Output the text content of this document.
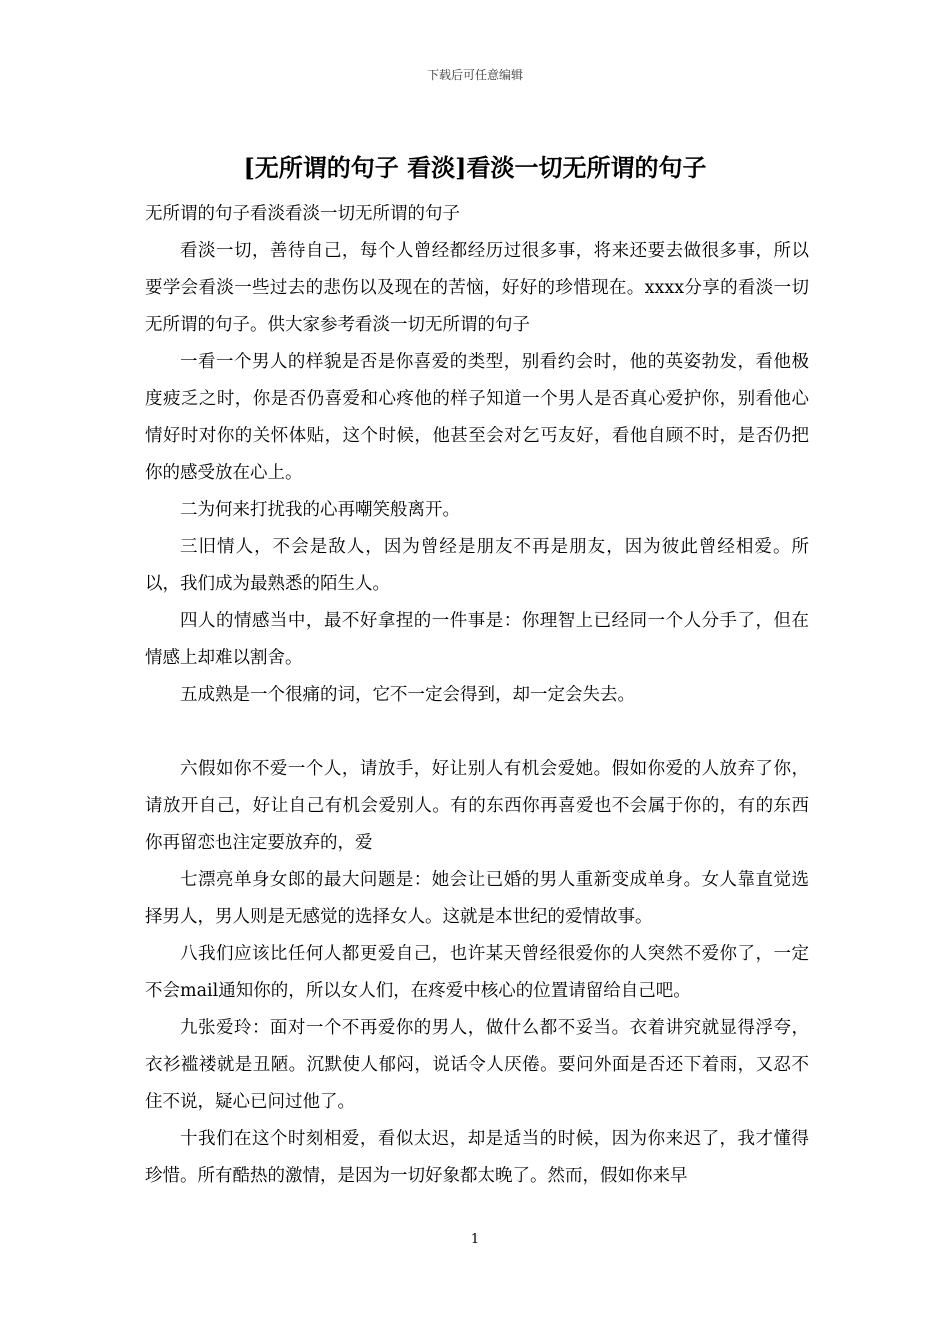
下载后可任意编辑
[无所谓的句子 看淡]看淡一切无所谓的句子

无所谓的句子看淡看淡一切无所谓的句子

看淡一切，善待自己，每个人曾经都经历过很多事，将来还要去做很多事，所以要学会看淡一些过去的悲伤以及现在的苦恼，好好的珍惜现在。xxxx分享的看淡一切无所谓的句子。供大家参考看淡一切无所谓的句子

一看一个男人的样貌是否是你喜爱的类型，别看约会时，他的英姿勃发，看他极度疲乏之时，你是否仍喜爱和心疼他的样子知道一个男人是否真心爱护你，别看他心情好时对你的关怀体贴，这个时候，他甚至会对乞丐友好，看他自顾不时，是否仍把你的感受放在心上。

二为何来打扰我的心再嘲笑般离开。

三旧情人，不会是敌人，因为曾经是朋友不再是朋友，因为彼此曾经相爱。所以，我们成为最熟悉的陌生人。

四人的情感当中，最不好拿捏的一件事是：你理智上已经同一个人分手了，但在情感上却难以割舍。

五成熟是一个很痛的词，它不一定会得到，却一定会失去。

六假如你不爱一个人，请放手，好让别人有机会爱她。假如你爱的人放弃了你，请放开自己，好让自己有机会爱别人。有的东西你再喜爱也不会属于你的，有的东西你再留恋也注定要放弃的，爱

七漂亮单身女郎的最大问题是：她会让已婚的男人重新变成单身。女人靠直觉选择男人，男人则是无感觉的选择女人。这就是本世纪的爱情故事。

八我们应该比任何人都更爱自己，也许某天曾经很爱你的人突然不爱你了，一定不会mail通知你的，所以女人们，在疼爱中核心的位置请留给自己吧。

九张爱玲：面对一个不再爱你的男人，做什么都不妥当。衣着讲究就显得浮夸，衣衫褴褛就是丑陋。沉默使人郁闷，说话令人厌倦。要问外面是否还下着雨，又忍不住不说，疑心已问过他了。

十我们在这个时刻相爱，看似太迟，却是适当的时候，因为你来迟了，我才懂得珍惜。所有酷热的激情，是因为一切好象都太晚了。然而，假如你来早

1
